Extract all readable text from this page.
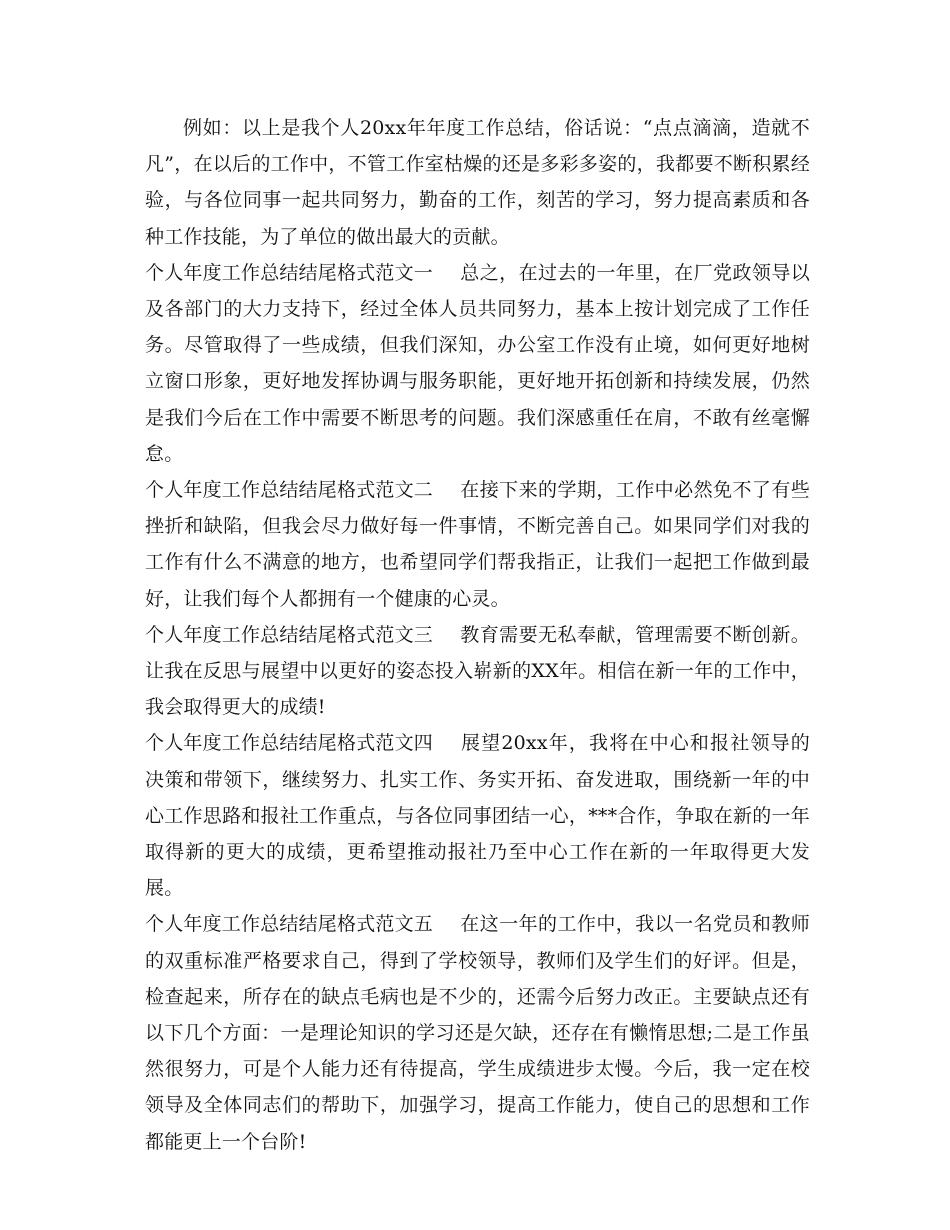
例如：以上是我个人20xx年年度工作总结，俗话说：“点点滴滴，造就不凡”，在以后的工作中，不管工作室枯燥的还是多彩多姿的，我都要不断积累经验，与各位同事一起共同努力，勤奋的工作，刻苦的学习，努力提高素质和各种工作技能，为了单位的做出最大的贡献。

个人年度工作总结结尾格式范文一 总之，在过去的一年里，在厂党政领导以及各部门的大力支持下，经过全体人员共同努力，基本上按计划完成了工作任务。尽管取得了一些成绩，但我们深知，办公室工作没有止境，如何更好地树立窗口形象，更好地发挥协调与服务职能，更好地开拓创新和持续发展，仍然是我们今后在工作中需要不断思考的问题。我们深感重任在肩，不敢有丝毫懈怠。

个人年度工作总结结尾格式范文二 在接下来的学期，工作中必然免不了有些挫折和缺陷，但我会尽力做好每一件事情，不断完善自己。如果同学们对我的工作有什么不满意的地方，也希望同学们帮我指正，让我们一起把工作做到最好，让我们每个人都拥有一个健康的心灵。

个人年度工作总结结尾格式范文三 教育需要无私奉献，管理需要不断创新。让我在反思与展望中以更好的姿态投入崭新的XX年。相信在新一年的工作中，我会取得更大的成绩!

个人年度工作总结结尾格式范文四 展望20xx年，我将在中心和报社领导的决策和带领下，继续努力、扎实工作、务实开拓、奋发进取，围绕新一年的中心工作思路和报社工作重点，与各位同事团结一心，***合作，争取在新的一年取得新的更大的成绩，更希望推动报社乃至中心工作在新的一年取得更大发展。

个人年度工作总结结尾格式范文五 在这一年的工作中，我以一名党员和教师的双重标准严格要求自己，得到了学校领导，教师们及学生们的好评。但是，检查起来，所存在的缺点毛病也是不少的，还需今后努力改正。主要缺点还有以下几个方面：一是理论知识的学习还是欠缺，还存在有懒惰思想;二是工作虽然很努力，可是个人能力还有待提高，学生成绩进步太慢。今后，我一定在校领导及全体同志们的帮助下，加强学习，提高工作能力，使自己的思想和工作都能更上一个台阶!
